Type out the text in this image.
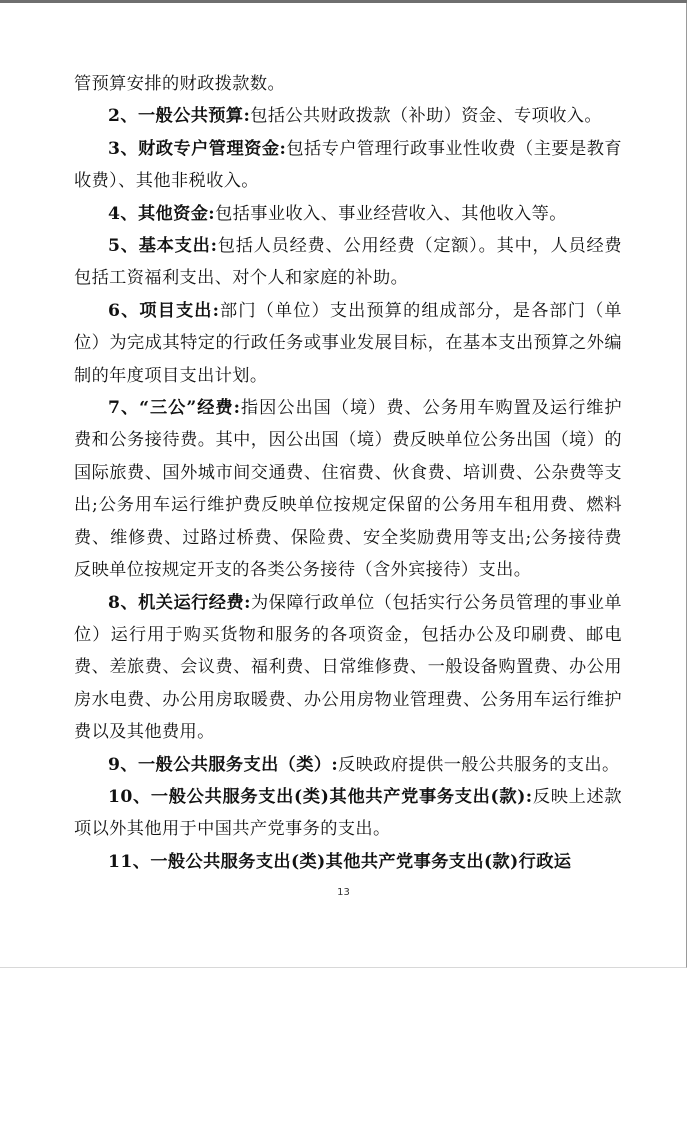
管预算安排的财政拨款数。

2、一般公共预算:包括公共财政拨款（补助）资金、专项收入。

3、财政专户管理资金:包括专户管理行政事业性收费（主要是教育收费）、其他非税收入。

4、其他资金:包括事业收入、事业经营收入、其他收入等。

5、基本支出:包括人员经费、公用经费（定额）。其中，人员经费包括工资福利支出、对个人和家庭的补助。

6、项目支出:部门（单位）支出预算的组成部分，是各部门（单位）为完成其特定的行政任务或事业发展目标，在基本支出预算之外编制的年度项目支出计划。

7、“三公”经费:指因公出国（境）费、公务用车购置及运行维护费和公务接待费。其中，因公出国（境）费反映单位公务出国（境）的国际旅费、国外城市间交通费、住宿费、伙食费、培训费、公杂费等支出;公务用车运行维护费反映单位按规定保留的公务用车租用费、燃料费、维修费、过路过桥费、保险费、安全奖励费用等支出;公务接待费反映单位按规定开支的各类公务接待（含外宾接待）支出。

8、机关运行经费:为保障行政单位（包括实行公务员管理的事业单位）运行用于购买货物和服务的各项资金，包括办公及印刷费、邮电费、差旅费、会议费、福利费、日常维修费、一般设备购置费、办公用房水电费、办公用房取暖费、办公用房物业管理费、公务用车运行维护费以及其他费用。

9、一般公共服务支出（类）:反映政府提供一般公共服务的支出。

10、一般公共服务支出(类)其他共产党事务支出(款):反映上述款项以外其他用于中国共产党事务的支出。

11、一般公共服务支出(类)其他共产党事务支出(款)行政运

13
